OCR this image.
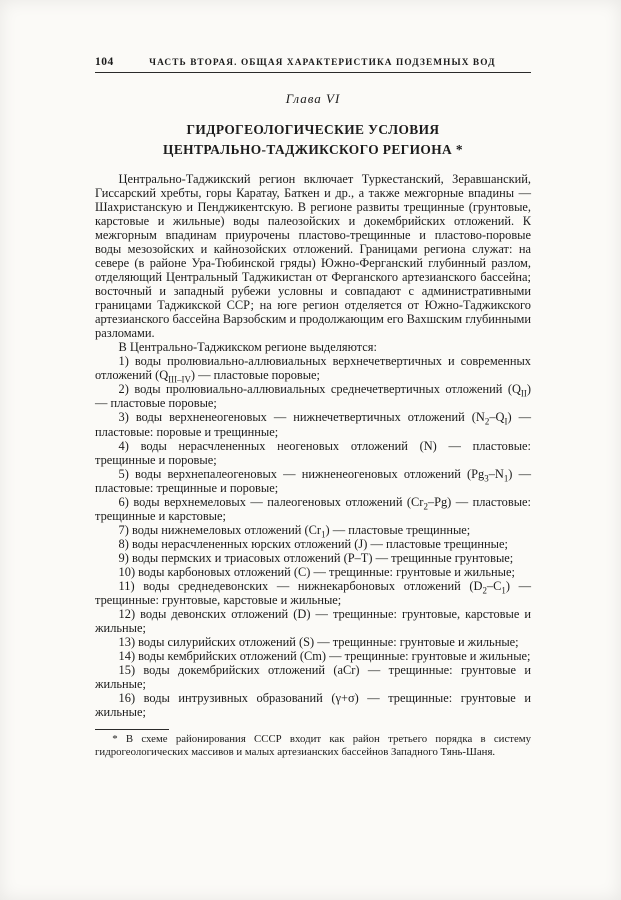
104	ЧАСТЬ ВТОРАЯ. ОБЩАЯ ХАРАКТЕРИСТИКА ПОДЗЕМНЫХ ВОД
Глава VI
ГИДРОГЕОЛОГИЧЕСКИЕ УСЛОВИЯ
ЦЕНТРАЛЬНО-ТАДЖИКСКОГО РЕГИОНА *

Центрально-Таджикский регион включает Туркестанский, Зеравшанский, Гиссарский хребты, горы Каратау, Баткен и др., а также межгорные впадины — Шахристанскую и Пенджикентскую. В регионе развиты трещинные (грунтовые, карстовые и жильные) воды палеозойских и докембрийских отложений. К межгорным впадинам приурочены пластово-трещинные и пластово-поровые воды мезозойских и кайнозойских отложений. Границами региона служат: на севере (в районе Ура-Тюбинской гряды) Южно-Ферганский глубинный разлом, отделяющий Центральный Таджикистан от Ферганского артезианского бассейна; восточный и западный рубежи условны и совпадают с административными границами Таджикской ССР; на юге регион отделяется от Южно-Таджикского артезианского бассейна Варзобским и продолжающим его Вахшским глубинными разломами.

В Центрально-Таджикском регионе выделяются:

1) воды пролювиально-аллювиальных верхнечетвертичных и современных отложений $(Q_{III-IV})$ — пластовые поровые;

2) воды пролювиально-аллювиальных среднечетвертичных отложений $(Q_{II})$ — пластовые поровые;

3) воды верхненеогеновых — нижнечетвертичных отложений $(N_2-Q_I)$ — пластовые: поровые и трещинные;

4) воды нерасчлененных неогеновых отложений (N) — пластовые: трещинные и поровые;

5) воды верхнепалеогеновых — нижненеогеновых отложений $(Pg_3-N_1)$ — пластовые: трещинные и поровые;

6) воды верхнемеловых — палеогеновых отложений $(Cr_2-Pg)$ — пластовые: трещинные и карстовые;

7) воды нижнемеловых отложений $(Cr_1)$ — пластовые трещинные;

8) воды нерасчлененных юрских отложений (J) — пластовые трещинные;

9) воды пермских и триасовых отложений (P–T) — трещинные грунтовые;

10) воды карбоновых отложений (C) — трещинные: грунтовые и жильные;

11) воды среднедевонских — нижнекарбоновых отложений $(D_2-C_1)$ — трещинные: грунтовые, карстовые и жильные;

12) воды девонских отложений (D) — трещинные: грунтовые, карстовые и жильные;

13) воды силурийских отложений (S) — трещинные: грунтовые и жильные;

14) воды кембрийских отложений (Cm) — трещинные: грунтовые и жильные;

15) воды докембрийских отложений (аCr) — трещинные: грунтовые и жильные;

16) воды интрузивных образований (γ+σ) — трещинные: грунтовые и жильные;

* В схеме районирования СССР входит как район третьего порядка в систему гидрогеологических массивов и малых артезианских бассейнов Западного Тянь-Шаня.
